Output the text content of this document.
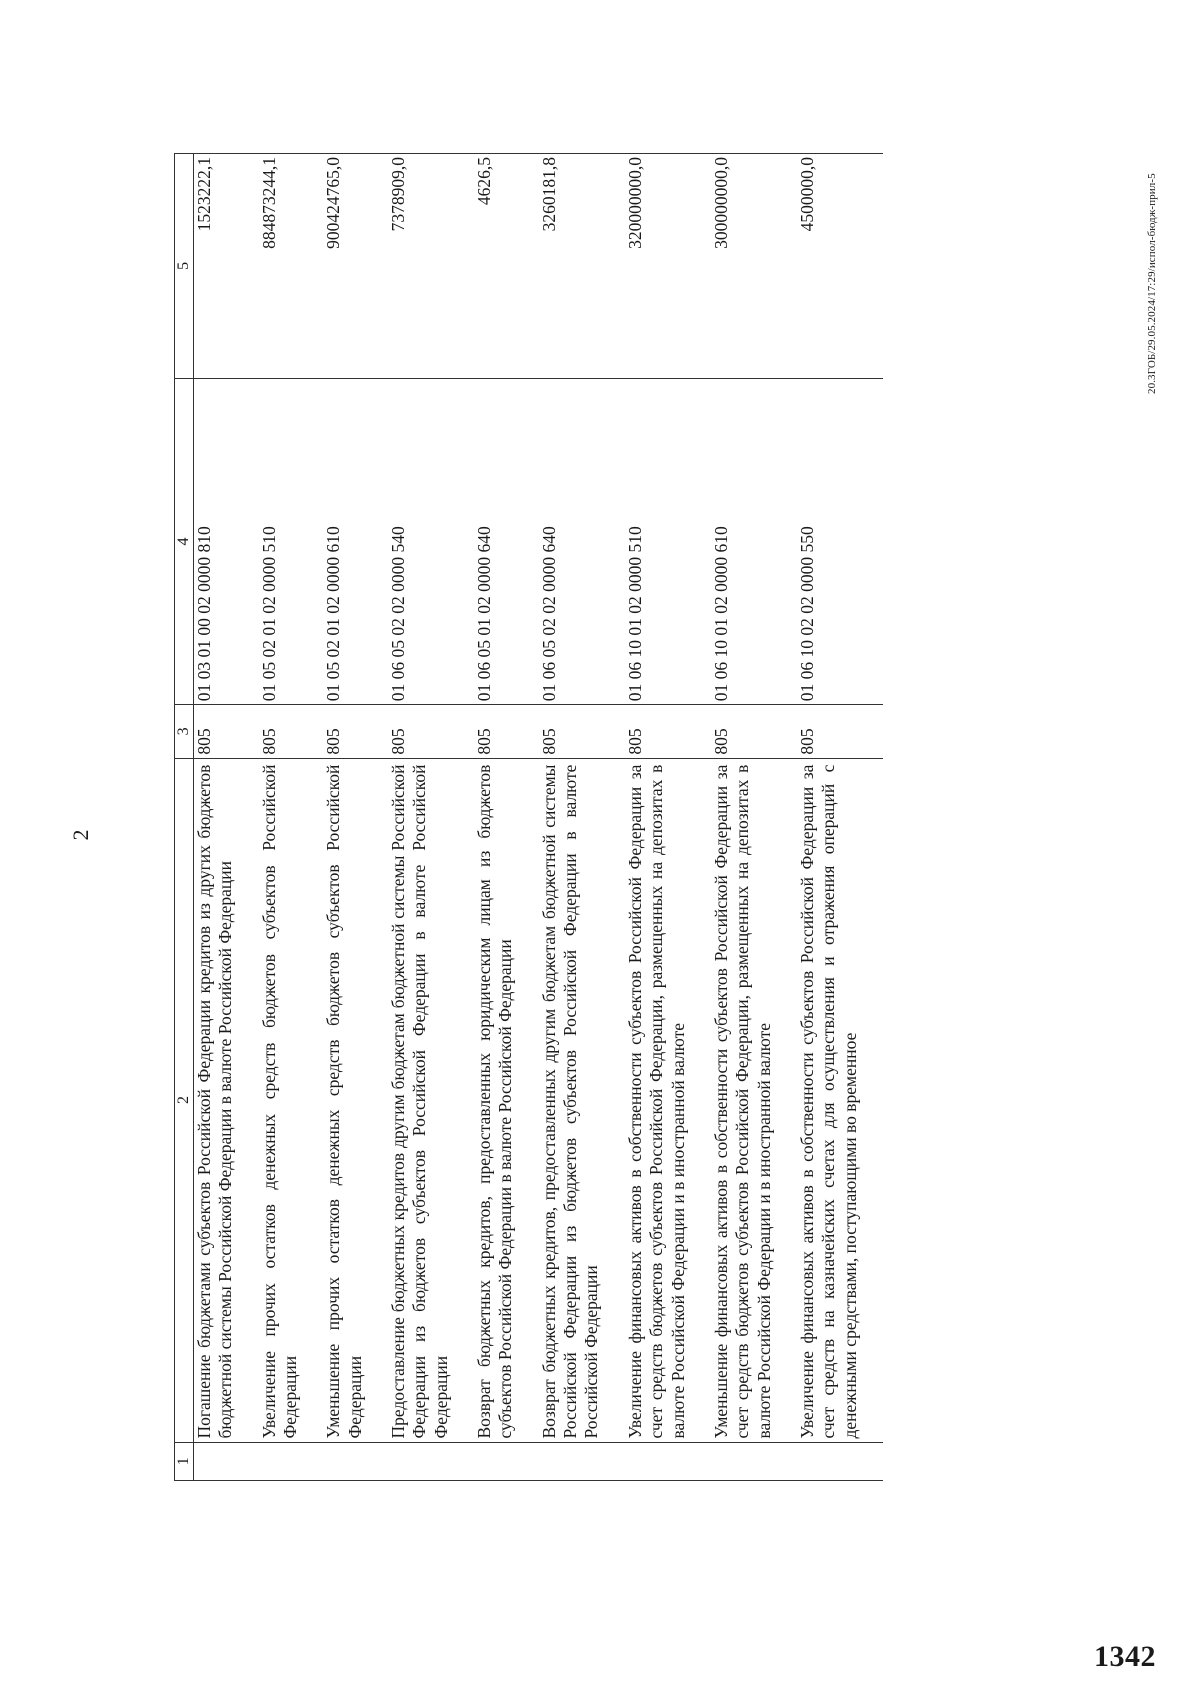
2
1	2	3	4	5
	Погашение бюджетами субъектов Российской Федерации кредитов из других бюджетов бюджетной системы Российской Федерации в валюте Российской Федерации	805	01 03 01 00 02 0000 810	1523222,1
	Увеличение прочих остатков денежных средств бюджетов субъектов Российской Федерации	805	01 05 02 01 02 0000 510	884873244,1
	Уменьшение прочих остатков денежных средств бюджетов субъектов Российской Федерации	805	01 05 02 01 02 0000 610	900424765,0
	Предоставление бюджетных кредитов другим бюджетам бюджетной системы Российской Федерации из бюджетов субъектов Российской Федерации в валюте Российской Федерации	805	01 06 05 02 02 0000 540	7378909,0
	Возврат бюджетных кредитов, предоставленных юридическим лицам из бюджетов субъектов Российской Федерации в валюте Российской Федерации	805	01 06 05 01 02 0000 640	4626,5
	Возврат бюджетных кредитов, предоставленных другим бюджетам бюджетной системы Российской Федерации из бюджетов субъектов Российской Федерации в валюте Российской Федерации	805	01 06 05 02 02 0000 640	3260181,8
	Увеличение финансовых активов в собственности субъектов Российской Федерации за счет средств бюджетов субъектов Российской Федерации, размещенных на депозитах в валюте Российской Федерации и в иностранной валюте	805	01 06 10 01 02 0000 510	320000000,0
	Уменьшение финансовых активов в собственности субъектов Российской Федерации за счет средств бюджетов субъектов Российской Федерации, размещенных на депозитах в валюте Российской Федерации и в иностранной валюте	805	01 06 10 01 02 0000 610	300000000,0
	Увеличение финансовых активов в собственности субъектов Российской Федерации за счет средств на казначейских счетах для осуществления и отражения операций с денежными средствами, поступающими во временное	805	01 06 10 02 02 0000 550	4500000,0	20.3ГОБ/29.05.2024/17:29/испол-бюдж-прил-5
1342
